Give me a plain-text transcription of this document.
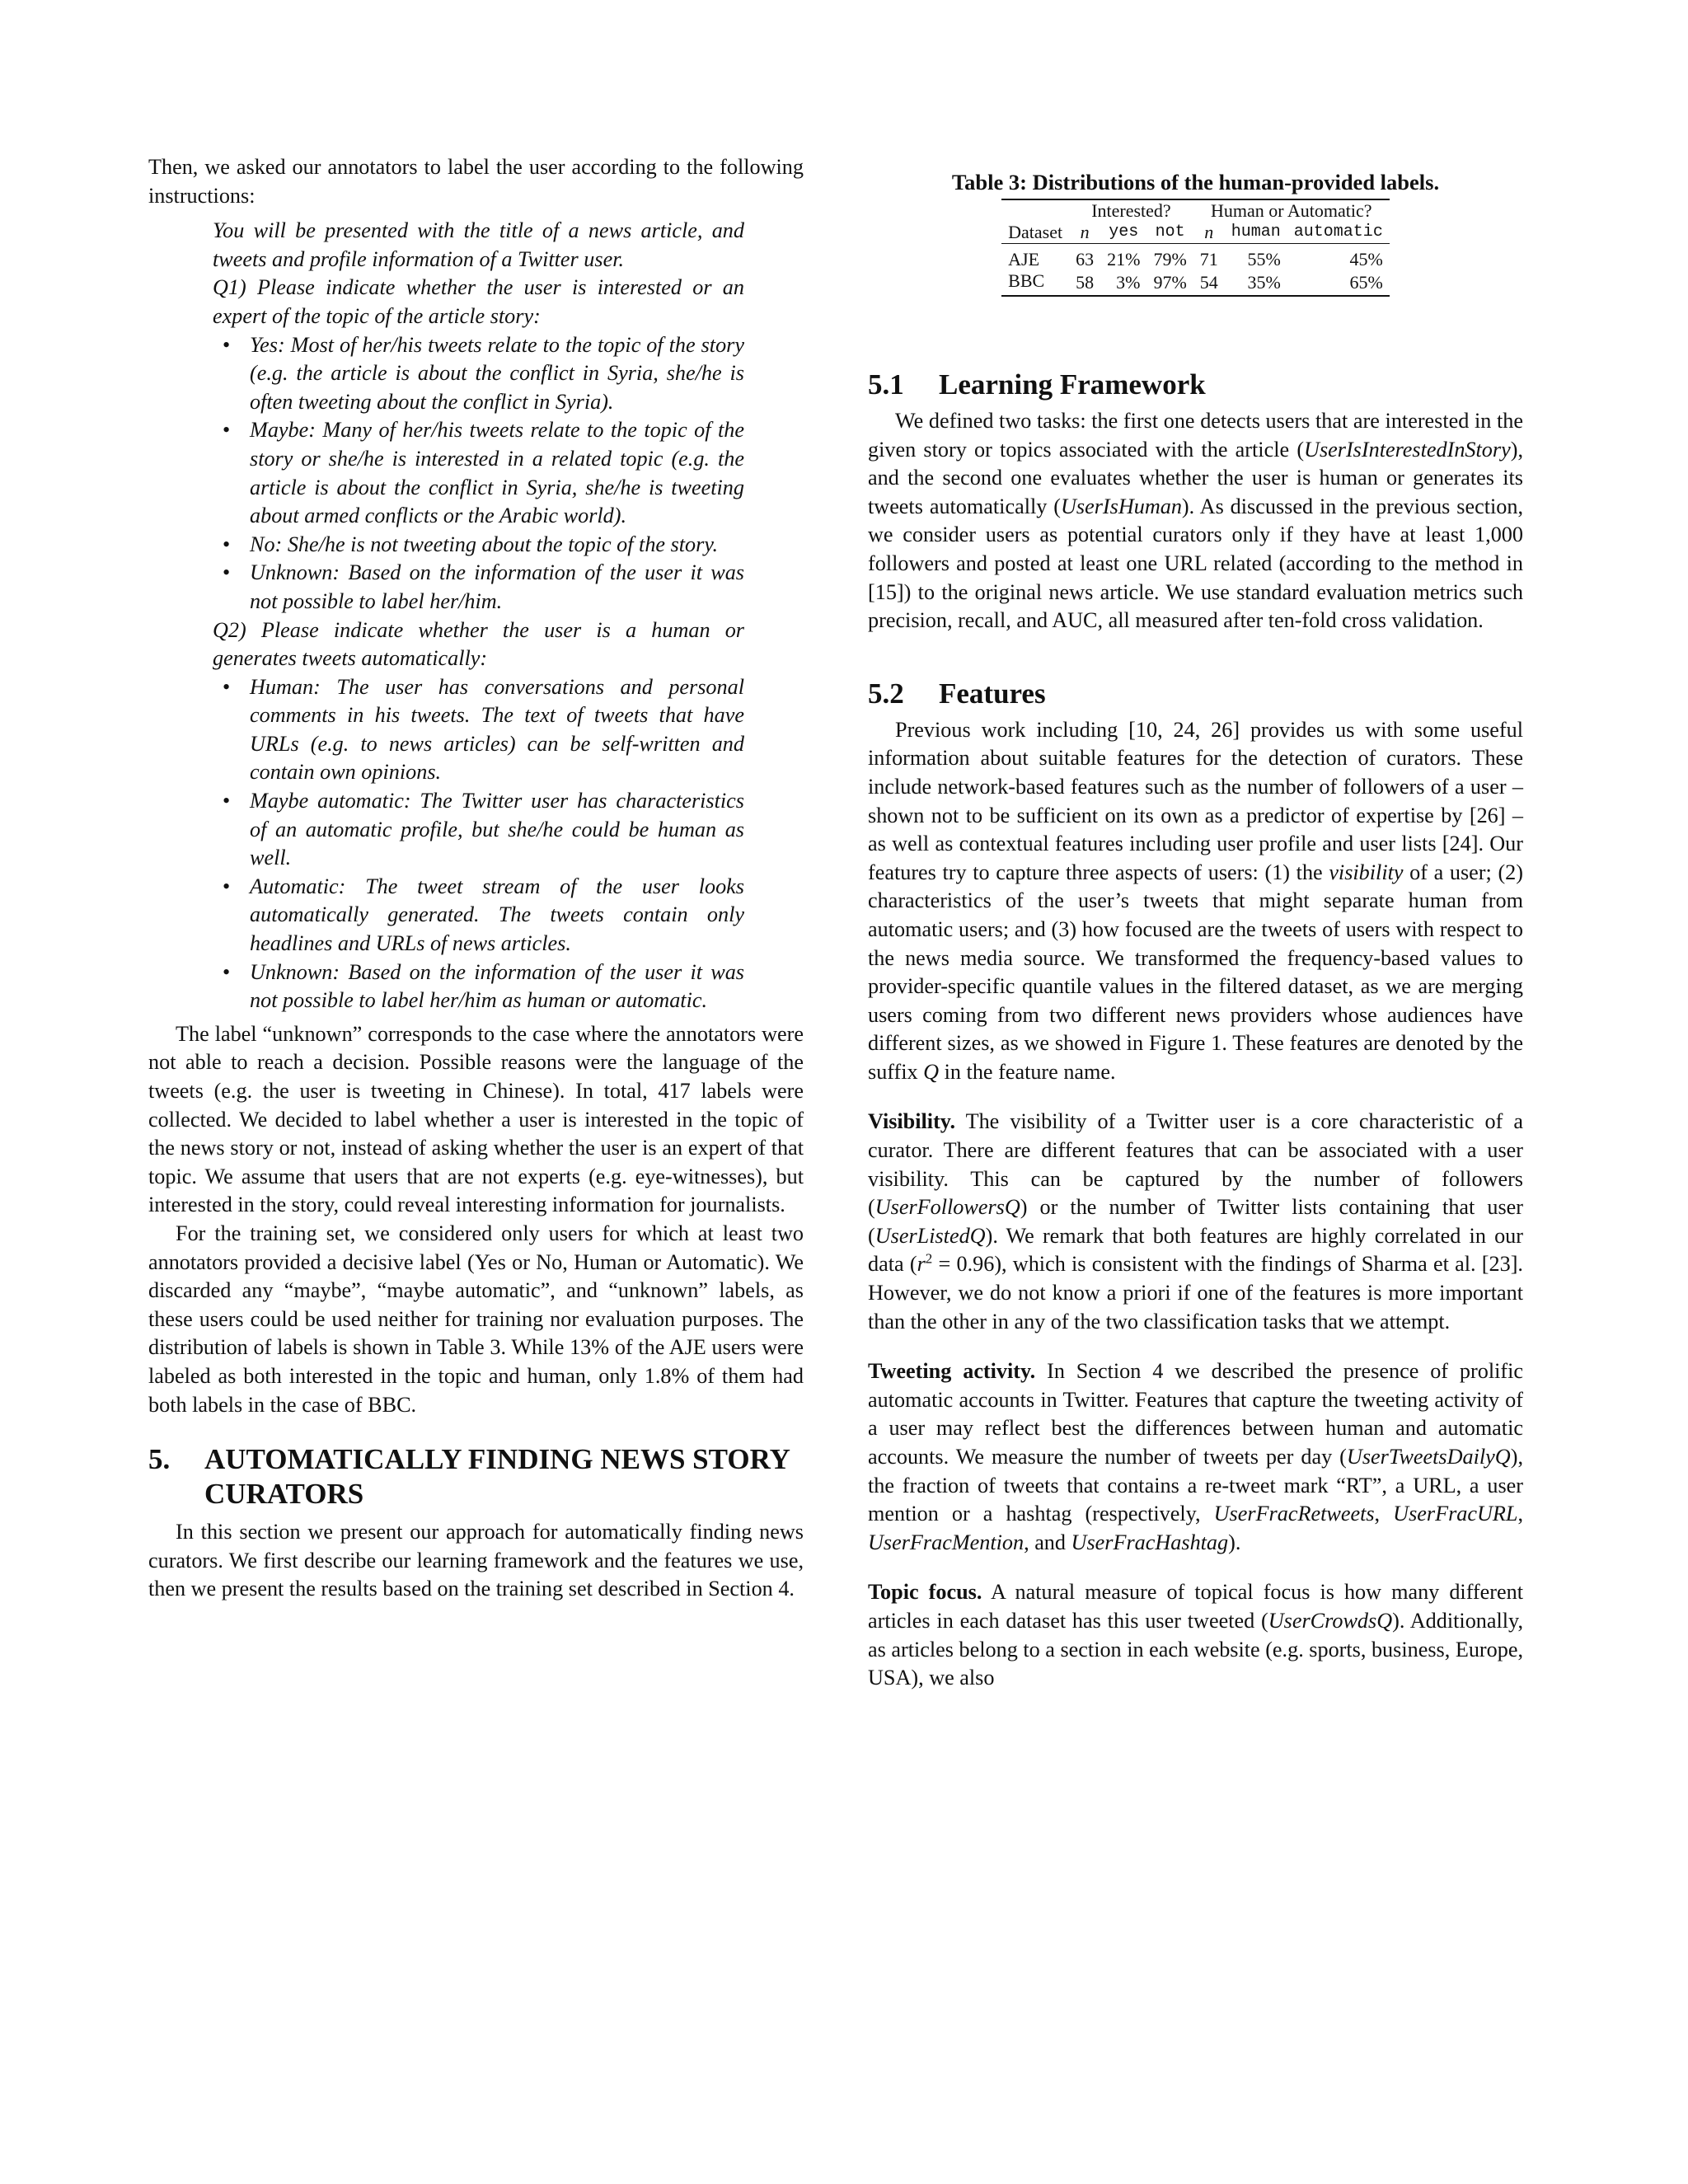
Then, we asked our annotators to label the user according to the following instructions:

You will be presented with the title of a news article, and tweets and profile information of a Twitter user.

Q1) Please indicate whether the user is interested or an expert of the topic of the article story:

• Yes: Most of her/his tweets relate to the topic of the story (e.g. the article is about the conflict in Syria, she/he is often tweeting about the conflict in Syria).
• Maybe: Many of her/his tweets relate to the topic of the story or she/he is interested in a related topic (e.g. the article is about the conflict in Syria, she/he is tweeting about armed conflicts or the Arabic world).
• No: She/he is not tweeting about the topic of the story.
• Unknown: Based on the information of the user it was not possible to label her/him.

Q2) Please indicate whether the user is a human or generates tweets automatically:

• Human: The user has conversations and personal comments in his tweets. The text of tweets that have URLs (e.g. to news articles) can be self-written and contain own opinions.
• Maybe automatic: The Twitter user has characteristics of an automatic profile, but she/he could be human as well.
• Automatic: The tweet stream of the user looks automatically generated. The tweets contain only headlines and URLs of news articles.
• Unknown: Based on the information of the user it was not possible to label her/him as human or automatic.

The label “unknown” corresponds to the case where the annotators were not able to reach a decision. Possible reasons were the language of the tweets (e.g. the user is tweeting in Chinese). In total, 417 labels were collected. We decided to label whether a user is interested in the topic of the news story or not, instead of asking whether the user is an expert of that topic. We assume that users that are not experts (e.g. eye-witnesses), but interested in the story, could reveal interesting information for journalists.

For the training set, we considered only users for which at least two annotators provided a decisive label (Yes or No, Human or Automatic). We discarded any “maybe”, “maybe automatic”, and “unknown” labels, as these users could be used neither for training nor evaluation purposes. The distribution of labels is shown in Table 3. While 13% of the AJE users were labeled as both interested in the topic and human, only 1.8% of them had both labels in the case of BBC.

5. AUTOMATICALLY FINDING NEWS STORY CURATORS

In this section we present our approach for automatically finding news curators. We first describe our learning framework and the features we use, then we present the results based on the training set described in Section 4.

Table 3: Distributions of the human-provided labels.
	Interested?			Human or Automatic?		
Dataset	n	yes	not	n	human	automatic
AJE	63	21%	79%	71	55%	45%
BBC	58	3%	97%	54	35%	65%
5.1 Learning Framework

We defined two tasks: the first one detects users that are interested in the given story or topics associated with the article (UserIsInterestedInStory), and the second one evaluates whether the user is human or generates its tweets automatically (UserIsHuman). As discussed in the previous section, we consider users as potential curators only if they have at least 1,000 followers and posted at least one URL related (according to the method in [15]) to the original news article. We use standard evaluation metrics such precision, recall, and AUC, all measured after ten-fold cross validation.

5.2 Features

Previous work including [10, 24, 26] provides us with some useful information about suitable features for the detection of curators. These include network-based features such as the number of followers of a user – shown not to be sufficient on its own as a predictor of expertise by [26] – as well as contextual features including user profile and user lists [24]. Our features try to capture three aspects of users: (1) the visibility of a user; (2) characteristics of the user’s tweets that might separate human from automatic users; and (3) how focused are the tweets of users with respect to the news media source. We transformed the frequency-based values to provider-specific quantile values in the filtered dataset, as we are merging users coming from two different news providers whose audiences have different sizes, as we showed in Figure 1. These features are denoted by the suffix Q in the feature name.

Visibility. The visibility of a Twitter user is a core characteristic of a curator. There are different features that can be associated with a user visibility. This can be captured by the number of followers (UserFollowersQ) or the number of Twitter lists containing that user (UserListedQ). We remark that both features are highly correlated in our data $(r^2 = 0.96)$, which is consistent with the findings of Sharma et al. [23]. However, we do not know a priori if one of the features is more important than the other in any of the two classification tasks that we attempt.

Tweeting activity. In Section 4 we described the presence of prolific automatic accounts in Twitter. Features that capture the tweeting activity of a user may reflect best the differences between human and automatic accounts. We measure the number of tweets per day (UserTweetsDailyQ), the fraction of tweets that contains a re-tweet mark “RT”, a URL, a user mention or a hashtag (respectively, UserFracRetweets, UserFracURL, UserFracMention, and UserFracHashtag).

Topic focus. A natural measure of topical focus is how many different articles in each dataset has this user tweeted (UserCrowdsQ). Additionally, as articles belong to a section in each website (e.g. sports, business, Europe, USA), we also
